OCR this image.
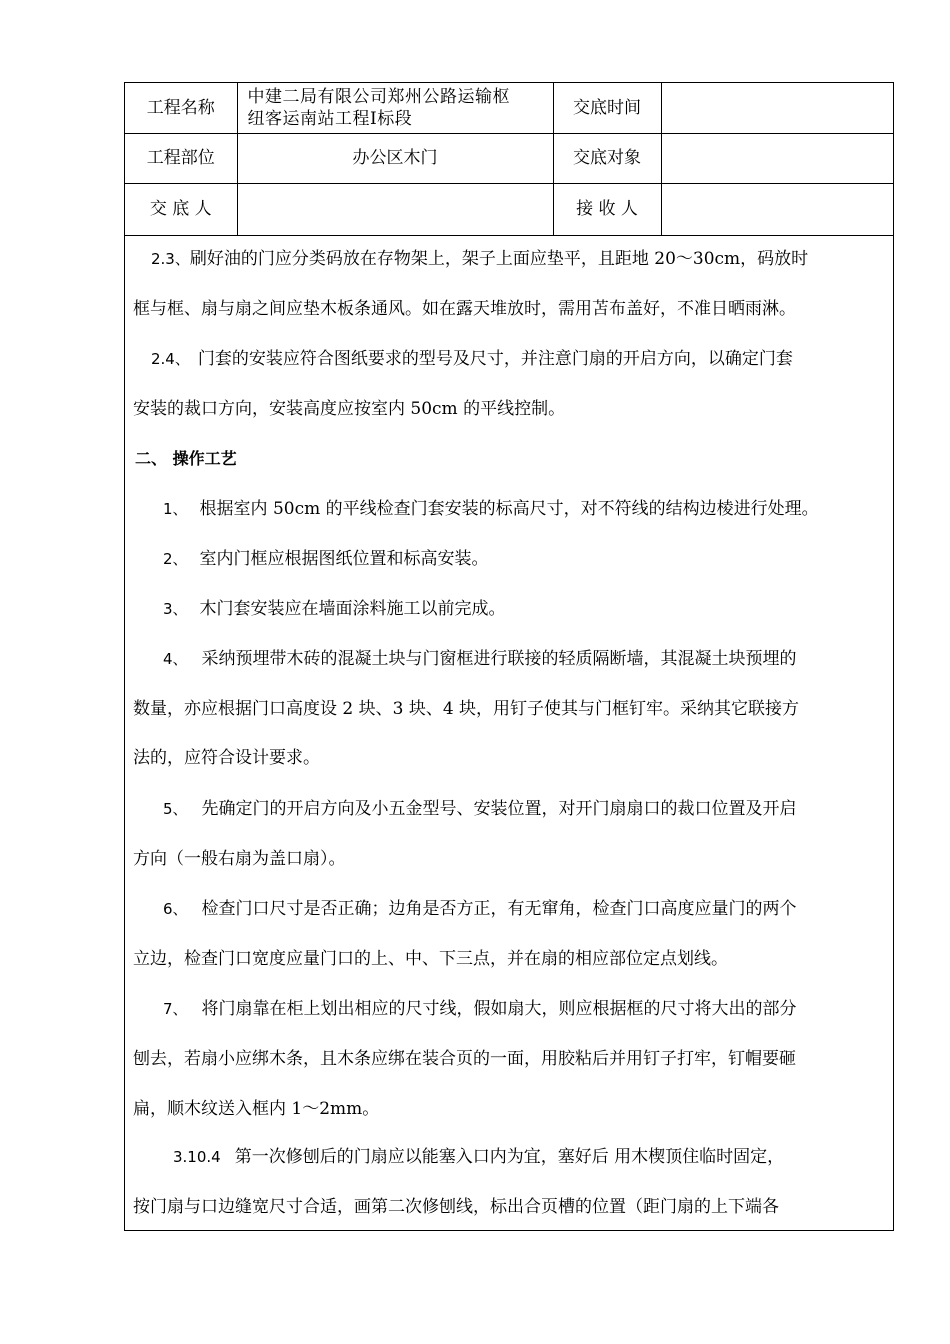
工程名称	中建二局有限公司郑州公路运输枢
纽客运南站工程Ⅰ标段	交底时间	
工程部位	办公区木门	交底对象	
交 底 人		接 收 人	
2.3、刷好油的门应分类码放在存物架上，架子上面应垫平，且距地 20～30cm，码放时
框与框、扇与扇之间应垫木板条通风。如在露天堆放时，需用苫布盖好，不准日晒雨淋。
2.4、 门套的安装应符合图纸要求的型号及尺寸，并注意门扇的开启方向，以确定门套
安装的裁口方向，安装高度应按室内 50cm 的平线控制。
二、 操作工艺
1、 根据室内 50cm 的平线检查门套安装的标高尺寸，对不符线的结构边棱进行处理。
2、 室内门框应根据图纸位置和标高安装。
3、 木门套安装应在墙面涂料施工以前完成。
4、 采纳预埋带木砖的混凝土块与门窗框进行联接的轻质隔断墙，其混凝土块预埋的
数量，亦应根据门口高度设 2 块、3 块、4 块，用钉子使其与门框钉牢。采纳其它联接方
法的，应符合设计要求。
5、 先确定门的开启方向及小五金型号、安装位置，对开门扇扇口的裁口位置及开启
方向（一般右扇为盖口扇）。
6、 检查门口尺寸是否正确；边角是否方正，有无窜角，检查门口高度应量门的两个
立边，检查门口宽度应量门口的上、中、下三点，并在扇的相应部位定点划线。
7、 将门扇靠在柜上划出相应的尺寸线，假如扇大，则应根据框的尺寸将大出的部分
刨去，若扇小应绑木条，且木条应绑在装合页的一面，用胶粘后并用钉子打牢，钉帽要砸
扁，顺木纹送入框内 1～2mm。
3.10.4 第一次修刨后的门扇应以能塞入口内为宜，塞好后 用木楔顶住临时固定，
按门扇与口边缝宽尺寸合适，画第二次修刨线，标出合页槽的位置（距门扇的上下端各
